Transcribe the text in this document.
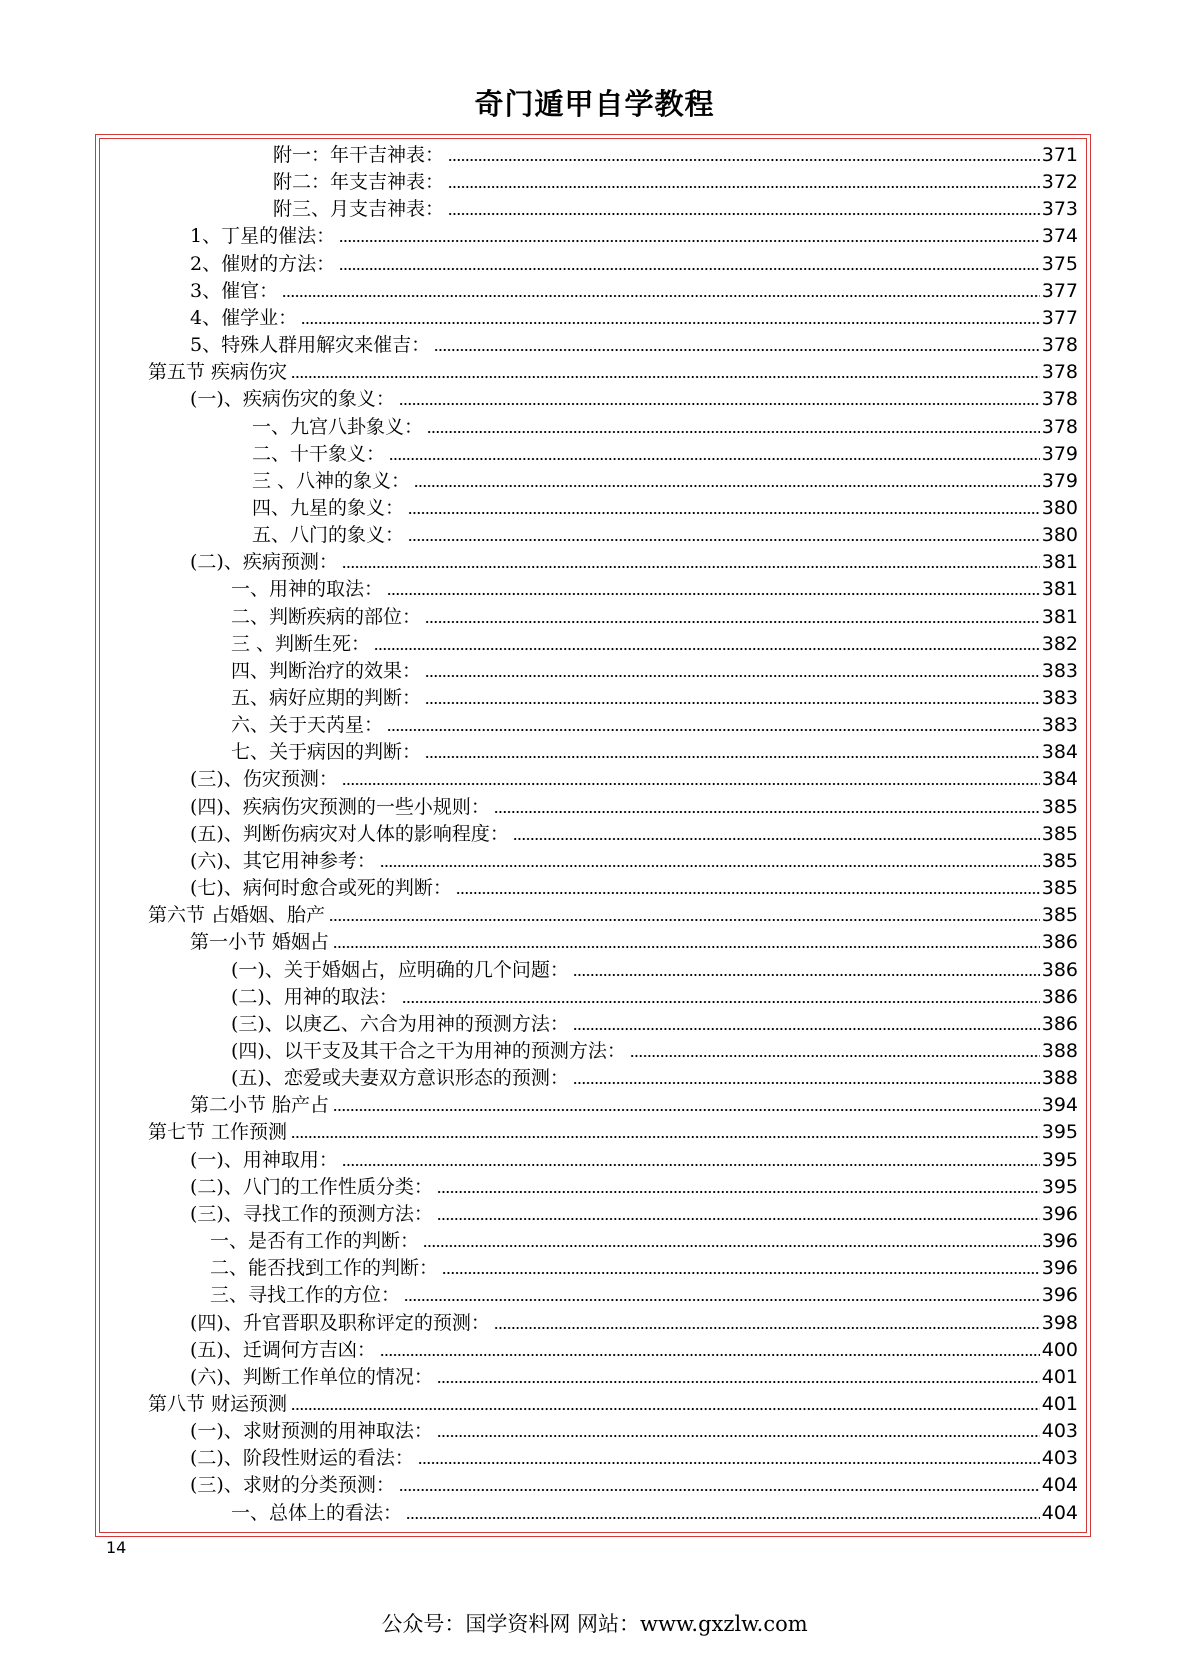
奇门遁甲自学教程
附一：年干吉神表：	371
附二：年支吉神表：	372
附三、月支吉神表：	373
1、丁星的催法：	374
2、催财的方法：	375
3、催官：	377
4、催学业：	377
5、特殊人群用解灾来催吉：	378
第五节 疾病伤灾	378
(一)、疾病伤灾的象义：	378
一、九宫八卦象义：	378
二、十干象义：	379
三 、八神的象义：	379
四、九星的象义：	380
五、八门的象义：	380
(二)、疾病预测：	381
一、用神的取法：	381
二、判断疾病的部位：	381
三 、判断生死：	382
四、判断治疗的效果：	383
五、病好应期的判断：	383
六、关于天芮星：	383
七、关于病因的判断：	384
(三)、伤灾预测：	384
(四)、疾病伤灾预测的一些小规则：	385
(五)、判断伤病灾对人体的影响程度：	385
(六)、其它用神参考：	385
(七)、病何时愈合或死的判断：	385
第六节 占婚姻、胎产	385
第一小节 婚姻占	386
(一)、关于婚姻占，应明确的几个问题：	386
(二)、用神的取法：	386
(三)、以庚乙、六合为用神的预测方法：	386
(四)、以干支及其干合之干为用神的预测方法：	388
(五)、恋爱或夫妻双方意识形态的预测：	388
第二小节 胎产占	394
第七节 工作预测	395
(一)、用神取用：	395
(二)、八门的工作性质分类：	395
(三)、寻找工作的预测方法：	396
一、是否有工作的判断：	396
二、能否找到工作的判断：	396
三、寻找工作的方位：	396
(四)、升官晋职及职称评定的预测：	398
(五)、迁调何方吉凶：	400
(六)、判断工作单位的情况：	401
第八节 财运预测	401
(一)、求财预测的用神取法：	403
(二)、阶段性财运的看法：	403
(三)、求财的分类预测：	404
一、总体上的看法：	404
14
公众号：国学资料网 网站：www.gxzlw.com
